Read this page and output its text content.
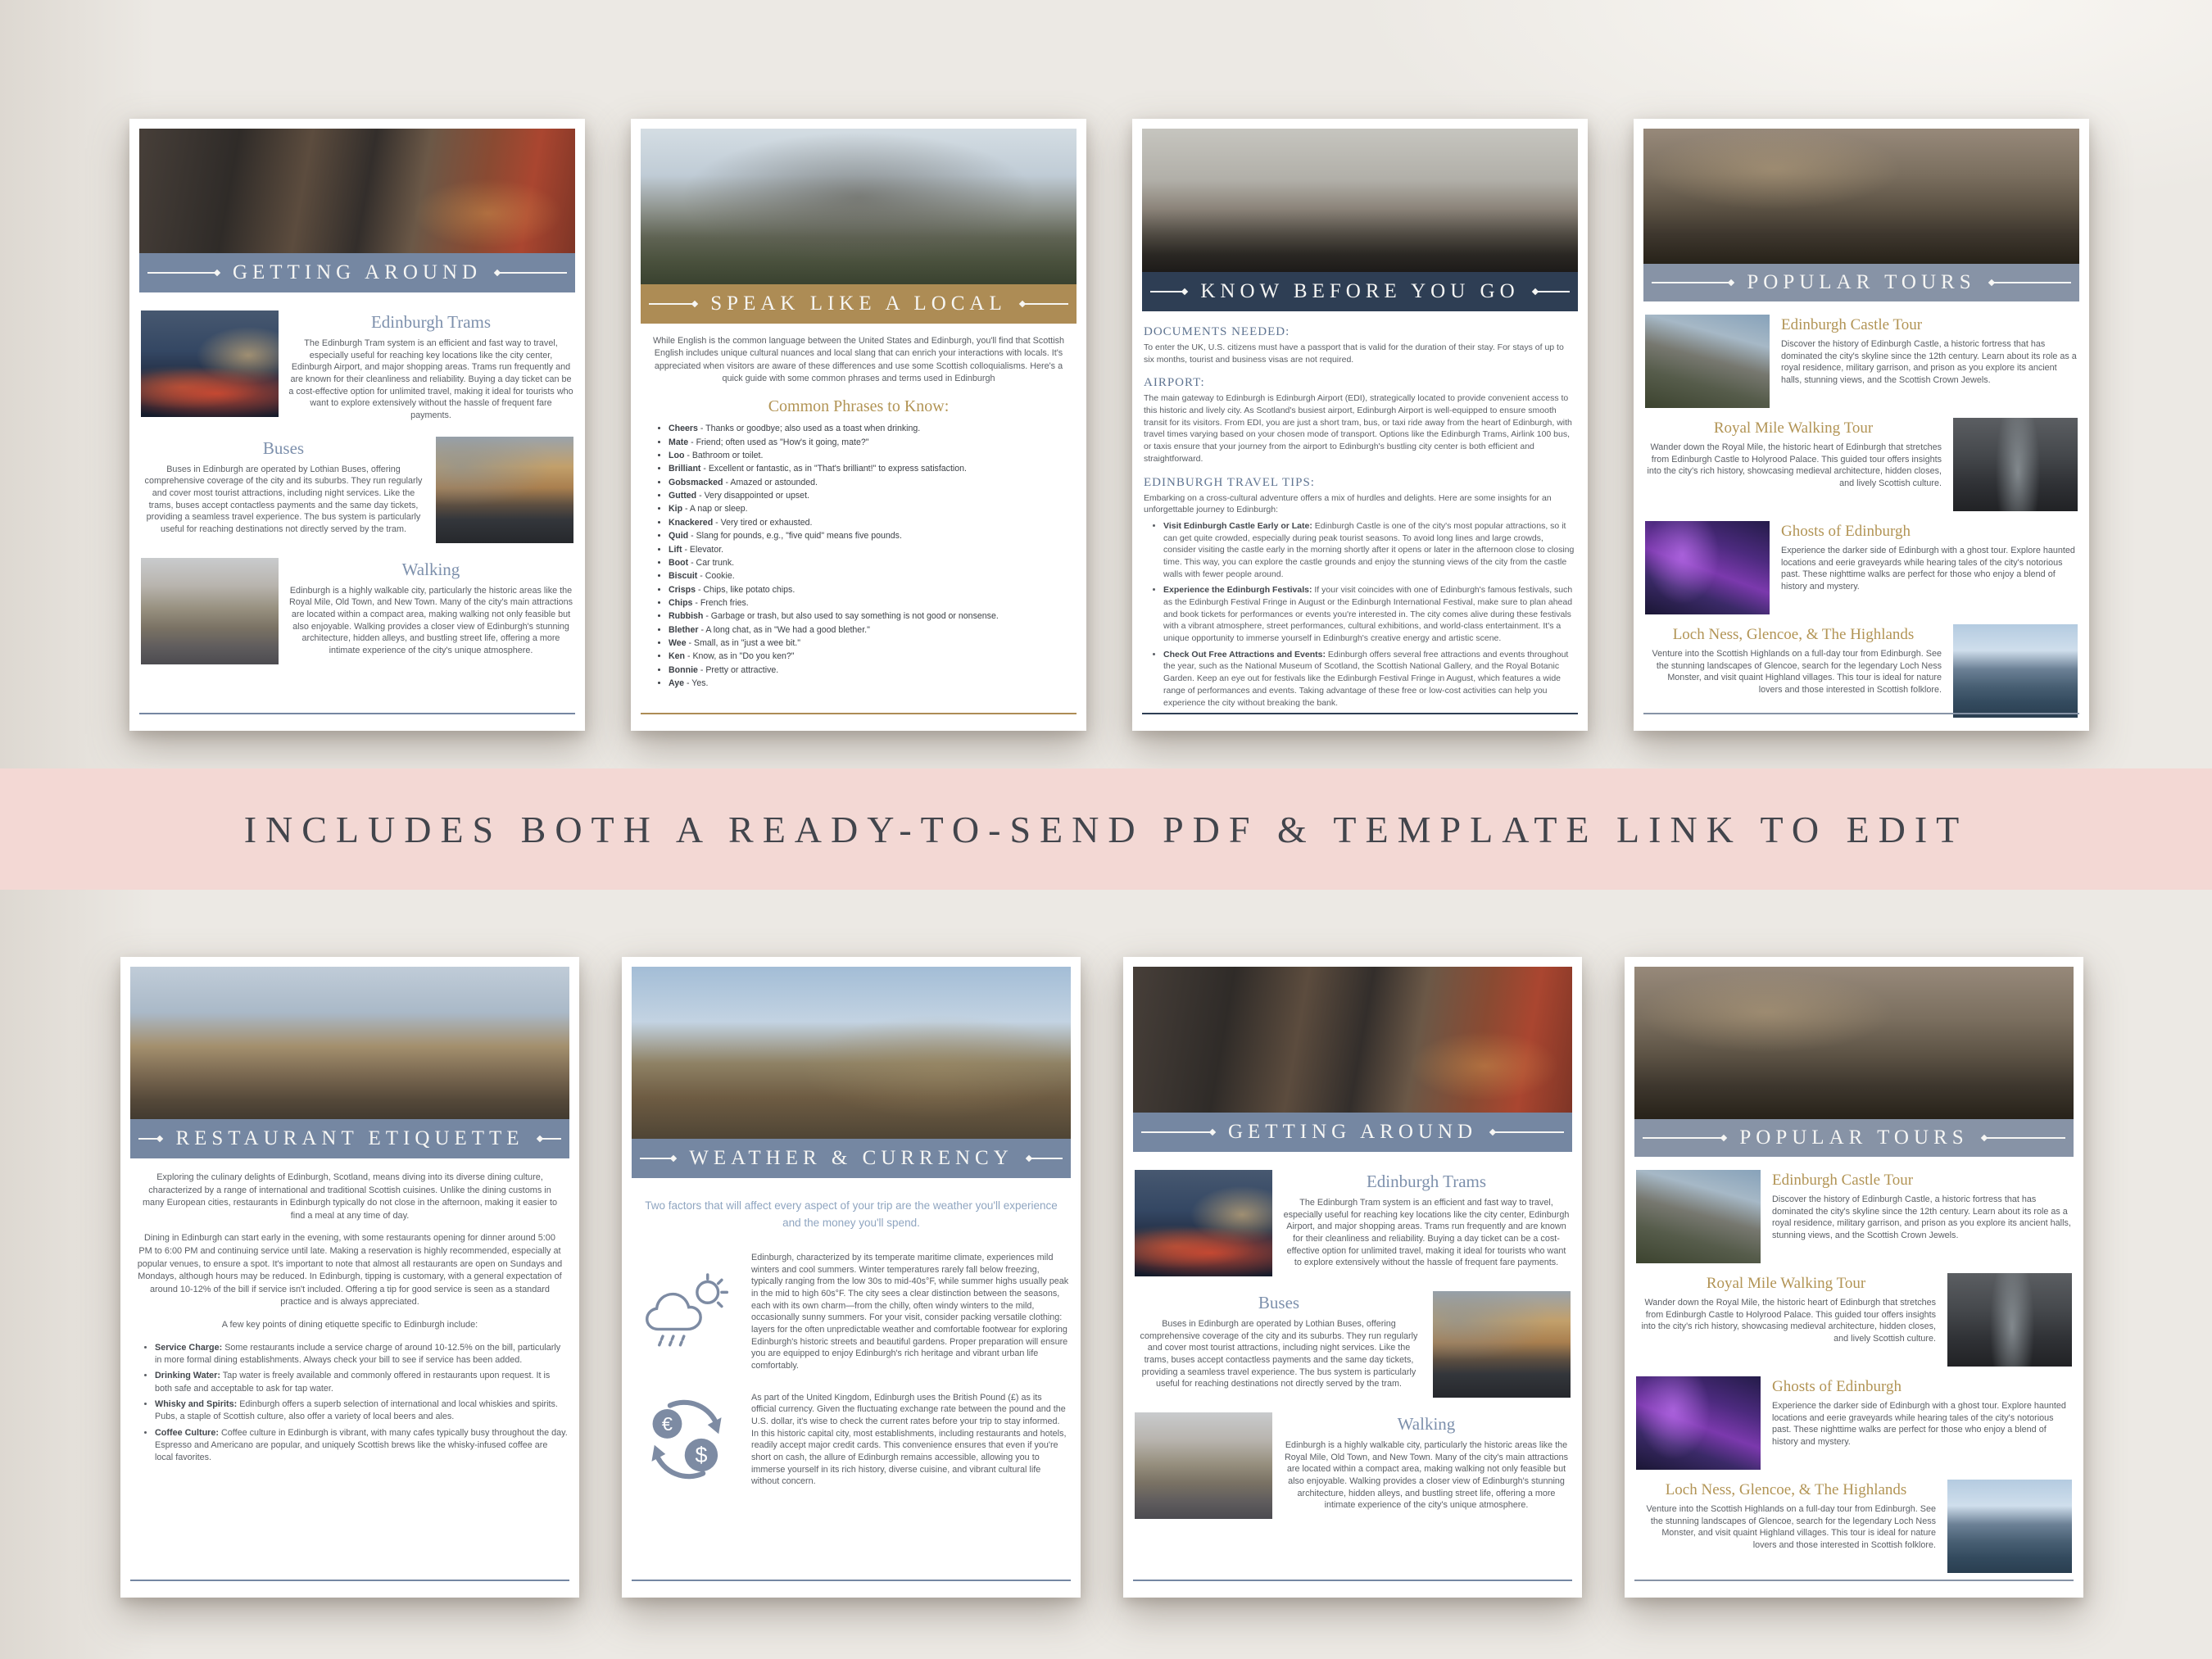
GETTING AROUND
Edinburgh Trams

The Edinburgh Tram system is an efficient and fast way to travel, especially useful for reaching key locations like the city center, Edinburgh Airport, and major shopping areas. Trams run frequently and are known for their cleanliness and reliability. Buying a day ticket can be a cost-effective option for unlimited travel, making it ideal for tourists who want to explore extensively without the hassle of frequent fare payments.

Buses

Buses in Edinburgh are operated by Lothian Buses, offering comprehensive coverage of the city and its suburbs. They run regularly and cover most tourist attractions, including night services. Like the trams, buses accept contactless payments and the same day tickets, providing a seamless travel experience. The bus system is particularly useful for reaching destinations not directly served by the tram.

Walking

Edinburgh is a highly walkable city, particularly the historic areas like the Royal Mile, Old Town, and New Town. Many of the city's main attractions are located within a compact area, making walking not only feasible but also enjoyable. Walking provides a closer view of Edinburgh's stunning architecture, hidden alleys, and bustling street life, offering a more intimate experience of the city's unique atmosphere.

SPEAK LIKE A LOCAL

While English is the common language between the United States and Edinburgh, you'll find that Scottish English includes unique cultural nuances and local slang that can enrich your interactions with locals. It's appreciated when visitors are aware of these differences and use some Scottish colloquialisms. Here's a quick guide with some common phrases and terms used in Edinburgh

Common Phrases to Know:
• Cheers - Thanks or goodbye; also used as a toast when drinking.
• Mate - Friend; often used as "How's it going, mate?"
• Loo - Bathroom or toilet.
• Brilliant - Excellent or fantastic, as in "That's brilliant!" to express satisfaction.
• Gobsmacked - Amazed or astounded.
• Gutted - Very disappointed or upset.
• Kip - A nap or sleep.
• Knackered - Very tired or exhausted.
• Quid - Slang for pounds, e.g., "five quid" means five pounds.
• Lift - Elevator.
• Boot - Car trunk.
• Biscuit - Cookie.
• Crisps - Chips, like potato chips.
• Chips - French fries.
• Rubbish - Garbage or trash, but also used to say something is not good or nonsense.
• Blether - A long chat, as in "We had a good blether."
• Wee - Small, as in "just a wee bit."
• Ken - Know, as in "Do you ken?"
• Bonnie - Pretty or attractive.
• Aye - Yes.
KNOW BEFORE YOU GO
DOCUMENTS NEEDED:

To enter the UK, U.S. citizens must have a passport that is valid for the duration of their stay. For stays of up to six months, tourist and business visas are not required.

AIRPORT:

The main gateway to Edinburgh is Edinburgh Airport (EDI), strategically located to provide convenient access to this historic and lively city. As Scotland's busiest airport, Edinburgh Airport is well-equipped to ensure smooth transit for its visitors. From EDI, you are just a short tram, bus, or taxi ride away from the heart of Edinburgh, with travel times varying based on your chosen mode of transport. Options like the Edinburgh Trams, Airlink 100 bus, or taxis ensure that your journey from the airport to Edinburgh's bustling city center is both efficient and straightforward.

EDINBURGH TRAVEL TIPS:

Embarking on a cross-cultural adventure offers a mix of hurdles and delights. Here are some insights for an unforgettable journey to Edinburgh:

• Visit Edinburgh Castle Early or Late: Edinburgh Castle is one of the city's most popular attractions, so it can get quite crowded, especially during peak tourist seasons. To avoid long lines and large crowds, consider visiting the castle early in the morning shortly after it opens or later in the afternoon close to closing time. This way, you can explore the castle grounds and enjoy the stunning views of the city from the castle walls with fewer people around.
• Experience the Edinburgh Festivals: If your visit coincides with one of Edinburgh's famous festivals, such as the Edinburgh Festival Fringe in August or the Edinburgh International Festival, make sure to plan ahead and book tickets for performances or events you're interested in. The city comes alive during these festivals with a vibrant atmosphere, street performances, cultural exhibitions, and world-class entertainment. It's a unique opportunity to immerse yourself in Edinburgh's creative energy and artistic scene.
• Check Out Free Attractions and Events: Edinburgh offers several free attractions and events throughout the year, such as the National Museum of Scotland, the Scottish National Gallery, and the Royal Botanic Garden. Keep an eye out for festivals like the Edinburgh Festival Fringe in August, which features a wide range of performances and events. Taking advantage of these free or low-cost activities can help you experience the city without breaking the bank.
POPULAR TOURS
Edinburgh Castle Tour

Discover the history of Edinburgh Castle, a historic fortress that has dominated the city's skyline since the 12th century. Learn about its role as a royal residence, military garrison, and prison as you explore its ancient halls, stunning views, and the Scottish Crown Jewels.

Royal Mile Walking Tour

Wander down the Royal Mile, the historic heart of Edinburgh that stretches from Edinburgh Castle to Holyrood Palace. This guided tour offers insights into the city's rich history, showcasing medieval architecture, hidden closes, and lively Scottish culture.

Ghosts of Edinburgh

Experience the darker side of Edinburgh with a ghost tour. Explore haunted locations and eerie graveyards while hearing tales of the city's notorious past. These nighttime walks are perfect for those who enjoy a blend of history and mystery.

Loch Ness, Glencoe, & The Highlands

Venture into the Scottish Highlands on a full-day tour from Edinburgh. See the stunning landscapes of Glencoe, search for the legendary Loch Ness Monster, and visit quaint Highland villages. This tour is ideal for nature lovers and those interested in Scottish folklore.

INCLUDES BOTH A READY-TO-SEND PDF & TEMPLATE LINK TO EDIT
RESTAURANT ETIQUETTE

Exploring the culinary delights of Edinburgh, Scotland, means diving into its diverse dining culture, characterized by a range of international and traditional Scottish cuisines. Unlike the dining customs in many European cities, restaurants in Edinburgh typically do not close in the afternoon, making it easier to find a meal at any time of day.

Dining in Edinburgh can start early in the evening, with some restaurants opening for dinner around 5:00 PM to 6:00 PM and continuing service until late. Making a reservation is highly recommended, especially at popular venues, to ensure a spot. It's important to note that almost all restaurants are open on Sundays and Mondays, although hours may be reduced. In Edinburgh, tipping is customary, with a general expectation of around 10-12% of the bill if service isn't included. Offering a tip for good service is seen as a standard practice and is always appreciated.

A few key points of dining etiquette specific to Edinburgh include:

• Service Charge: Some restaurants include a service charge of around 10-12.5% on the bill, particularly in more formal dining establishments. Always check your bill to see if service has been added.
• Drinking Water: Tap water is freely available and commonly offered in restaurants upon request. It is both safe and acceptable to ask for tap water.
• Whisky and Spirits: Edinburgh offers a superb selection of international and local whiskies and spirits. Pubs, a staple of Scottish culture, also offer a variety of local beers and ales.
• Coffee Culture: Coffee culture in Edinburgh is vibrant, with many cafes typically busy throughout the day. Espresso and Americano are popular, and uniquely Scottish brews like the whisky-infused coffee are local favorites.
WEATHER & CURRENCY

Two factors that will affect every aspect of your trip are the weather you'll experience and the money you'll spend.

Edinburgh, characterized by its temperate maritime climate, experiences mild winters and cool summers. Winter temperatures rarely fall below freezing, typically ranging from the low 30s to mid-40s°F, while summer highs usually peak in the mid to high 60s°F. The city sees a clear distinction between the seasons, each with its own charm—from the chilly, often windy winters to the mild, occasionally sunny summers. For your visit, consider packing versatile clothing: layers for the often unpredictable weather and comfortable footwear for exploring Edinburgh's historic streets and beautiful gardens. Proper preparation will ensure you are equipped to enjoy Edinburgh's rich heritage and vibrant urban life comfortably.

€
$

As part of the United Kingdom, Edinburgh uses the British Pound (£) as its official currency. Given the fluctuating exchange rate between the pound and the U.S. dollar, it's wise to check the current rates before your trip to stay informed. In this historic capital city, most establishments, including restaurants and hotels, readily accept major credit cards. This convenience ensures that even if you're short on cash, the allure of Edinburgh remains accessible, allowing you to immerse yourself in its rich history, diverse cuisine, and vibrant cultural life without concern.

GETTING AROUND
Edinburgh Trams

The Edinburgh Tram system is an efficient and fast way to travel, especially useful for reaching key locations like the city center, Edinburgh Airport, and major shopping areas. Trams run frequently and are known for their cleanliness and reliability. Buying a day ticket can be a cost-effective option for unlimited travel, making it ideal for tourists who want to explore extensively without the hassle of frequent fare payments.

Buses

Buses in Edinburgh are operated by Lothian Buses, offering comprehensive coverage of the city and its suburbs. They run regularly and cover most tourist attractions, including night services. Like the trams, buses accept contactless payments and the same day tickets, providing a seamless travel experience. The bus system is particularly useful for reaching destinations not directly served by the tram.

Walking

Edinburgh is a highly walkable city, particularly the historic areas like the Royal Mile, Old Town, and New Town. Many of the city's main attractions are located within a compact area, making walking not only feasible but also enjoyable. Walking provides a closer view of Edinburgh's stunning architecture, hidden alleys, and bustling street life, offering a more intimate experience of the city's unique atmosphere.

POPULAR TOURS
Edinburgh Castle Tour

Discover the history of Edinburgh Castle, a historic fortress that has dominated the city's skyline since the 12th century. Learn about its role as a royal residence, military garrison, and prison as you explore its ancient halls, stunning views, and the Scottish Crown Jewels.

Royal Mile Walking Tour

Wander down the Royal Mile, the historic heart of Edinburgh that stretches from Edinburgh Castle to Holyrood Palace. This guided tour offers insights into the city's rich history, showcasing medieval architecture, hidden closes, and lively Scottish culture.

Ghosts of Edinburgh

Experience the darker side of Edinburgh with a ghost tour. Explore haunted locations and eerie graveyards while hearing tales of the city's notorious past. These nighttime walks are perfect for those who enjoy a blend of history and mystery.

Loch Ness, Glencoe, & The Highlands

Venture into the Scottish Highlands on a full-day tour from Edinburgh. See the stunning landscapes of Glencoe, search for the legendary Loch Ness Monster, and visit quaint Highland villages. This tour is ideal for nature lovers and those interested in Scottish folklore.
